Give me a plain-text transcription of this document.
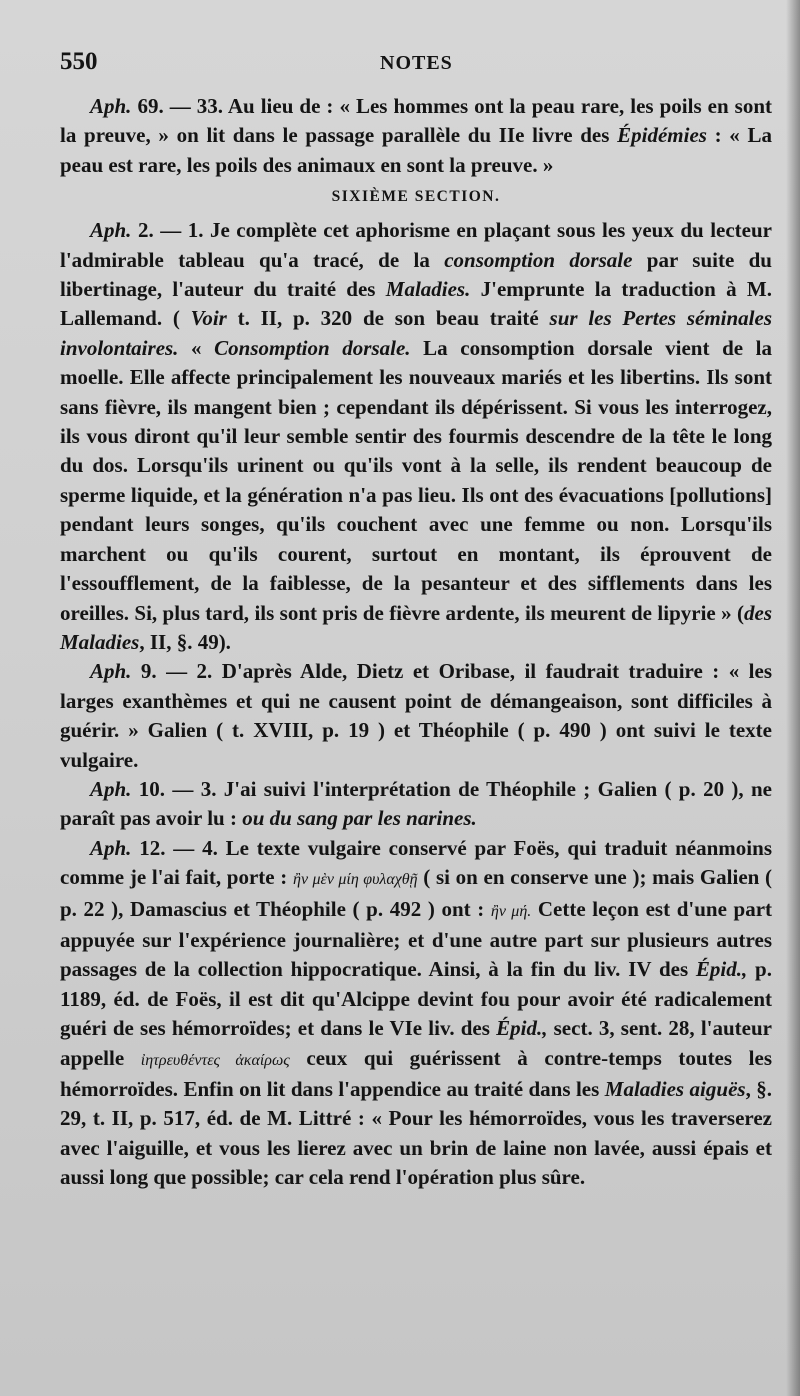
550	NOTES

Aph. 69. — 33. Au lieu de : « Les hommes ont la peau rare, les poils en sont la preuve, » on lit dans le passage parallèle du IIe livre des Épidémies : « La peau est rare, les poils des animaux en sont la preuve. »

SIXIÈME SECTION.

Aph. 2. — 1. Je complète cet aphorisme en plaçant sous les yeux du lecteur l'admirable tableau qu'a tracé, de la consomption dorsale par suite du libertinage, l'auteur du traité des Maladies. J'emprunte la traduction à M. Lallemand. ( Voir t. II, p. 320 de son beau traité sur les Pertes séminales involontaires. « Consomption dorsale. La consomption dorsale vient de la moelle. Elle affecte principalement les nouveaux mariés et les libertins. Ils sont sans fièvre, ils mangent bien ; cependant ils dépérissent. Si vous les interrogez, ils vous diront qu'il leur semble sentir des fourmis descendre de la tête le long du dos. Lorsqu'ils urinent ou qu'ils vont à la selle, ils rendent beaucoup de sperme liquide, et la génération n'a pas lieu. Ils ont des évacuations [pollutions] pendant leurs songes, qu'ils couchent avec une femme ou non. Lorsqu'ils marchent ou qu'ils courent, surtout en montant, ils éprouvent de l'essoufflement, de la faiblesse, de la pesanteur et des sifflements dans les oreilles. Si, plus tard, ils sont pris de fièvre ardente, ils meurent de lipyrie » (des Maladies, II, §. 49).

Aph. 9. — 2. D'après Alde, Dietz et Oribase, il faudrait traduire : « les larges exanthèmes et qui ne causent point de démangeaison, sont difficiles à guérir. » Galien ( t. XVIII, p. 19 ) et Théophile ( p. 490 ) ont suivi le texte vulgaire.

Aph. 10. — 3. J'ai suivi l'interprétation de Théophile ; Galien ( p. 20 ), ne paraît pas avoir lu : ou du sang par les narines.

Aph. 12. — 4. Le texte vulgaire conservé par Foës, qui traduit néanmoins comme je l'ai fait, porte : ἢν μὲν μίη φυλαχθῇ ( si on en conserve une ); mais Galien ( p. 22 ), Damascius et Théophile ( p. 492 ) ont : ἢν μή. Cette leçon est d'une part appuyée sur l'expérience journalière; et d'une autre part sur plusieurs autres passages de la collection hippocratique. Ainsi, à la fin du liv. IV des Épid., p. 1189, éd. de Foës, il est dit qu'Alcippe devint fou pour avoir été radicalement guéri de ses hémorroïdes; et dans le VIe liv. des Épid., sect. 3, sent. 28, l'auteur appelle ἰητρευθέντες ἀκαίρως ceux qui guérissent à contre-temps toutes les hémorroïdes. Enfin on lit dans l'appendice au traité dans les Maladies aiguës, §. 29, t. II, p. 517, éd. de M. Littré : « Pour les hémorroïdes, vous les traverserez avec l'aiguille, et vous les lierez avec un brin de laine non lavée, aussi épais et aussi long que possible; car cela rend l'opération plus sûre.
